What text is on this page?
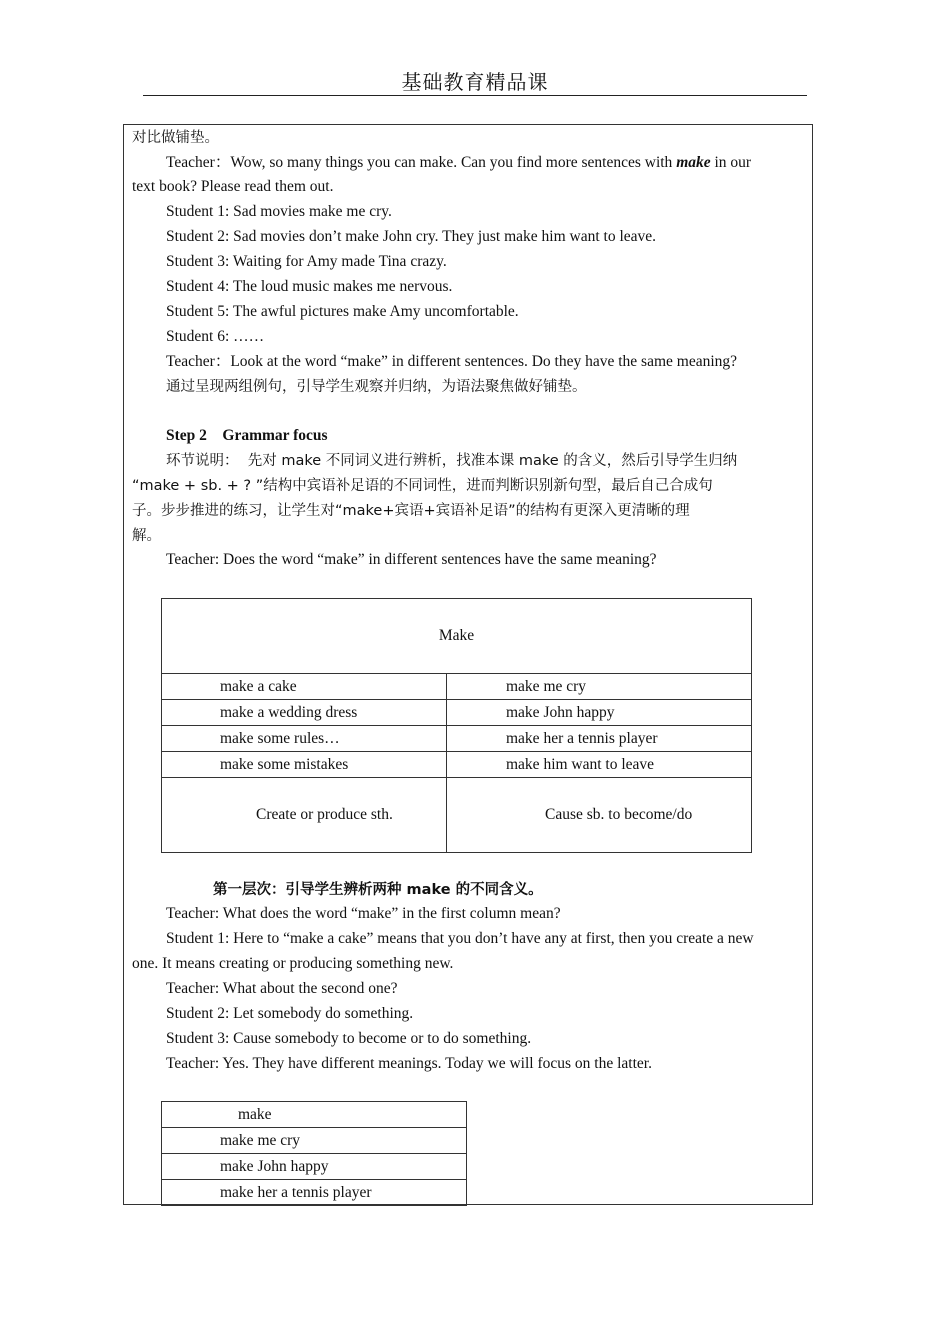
基础教育精品课
对比做铺垫。
Teacher：Wow, so many things you can make. Can you find more sentences with make in our
text book? Please read them out.
Student 1: Sad movies make me cry.
Student 2: Sad movies don’t make John cry. They just make him want to leave.
Student 3: Waiting for Amy made Tina crazy.
Student 4: The loud music makes me nervous.
Student 5: The awful pictures make Amy uncomfortable.
Student 6: ……
Teacher：Look at the word “make” in different sentences. Do they have the same meaning?
通过呈现两组例句，引导学生观察并归纳，为语法聚焦做好铺垫。
Step 2    Grammar focus
环节说明：  先对 make 不同词义进行辨析，找准本课 make 的含义，然后引导学生归纳
“make + sb. + ? ”结构中宾语补足语的不同词性，进而判断识别新句型，最后自己合成句
子。步步推进的练习，让学生对“make+宾语+宾语补足语”的结构有更深入更清晰的理
解。
Teacher: Does the word “make” in different sentences have the same meaning?
Make	
make a cake	make me cry
make a wedding dress	make John happy
make some rules…	make her a tennis player
make some mistakes	make him want to leave
Create or produce sth.	Cause sb. to become/do
第一层次：引导学生辨析两种 make 的不同含义。
Teacher: What does the word “make” in the first column mean?
Student 1: Here to “make a cake” means that you don’t have any at first, then you create a new
one. It means creating or producing something new.
Teacher: What about the second one?
Student 2: Let somebody do something.
Student 3: Cause somebody to become or to do something.
Teacher: Yes. They have different meanings. Today we will focus on the latter.
make
make me cry
make John happy
make her a tennis player
